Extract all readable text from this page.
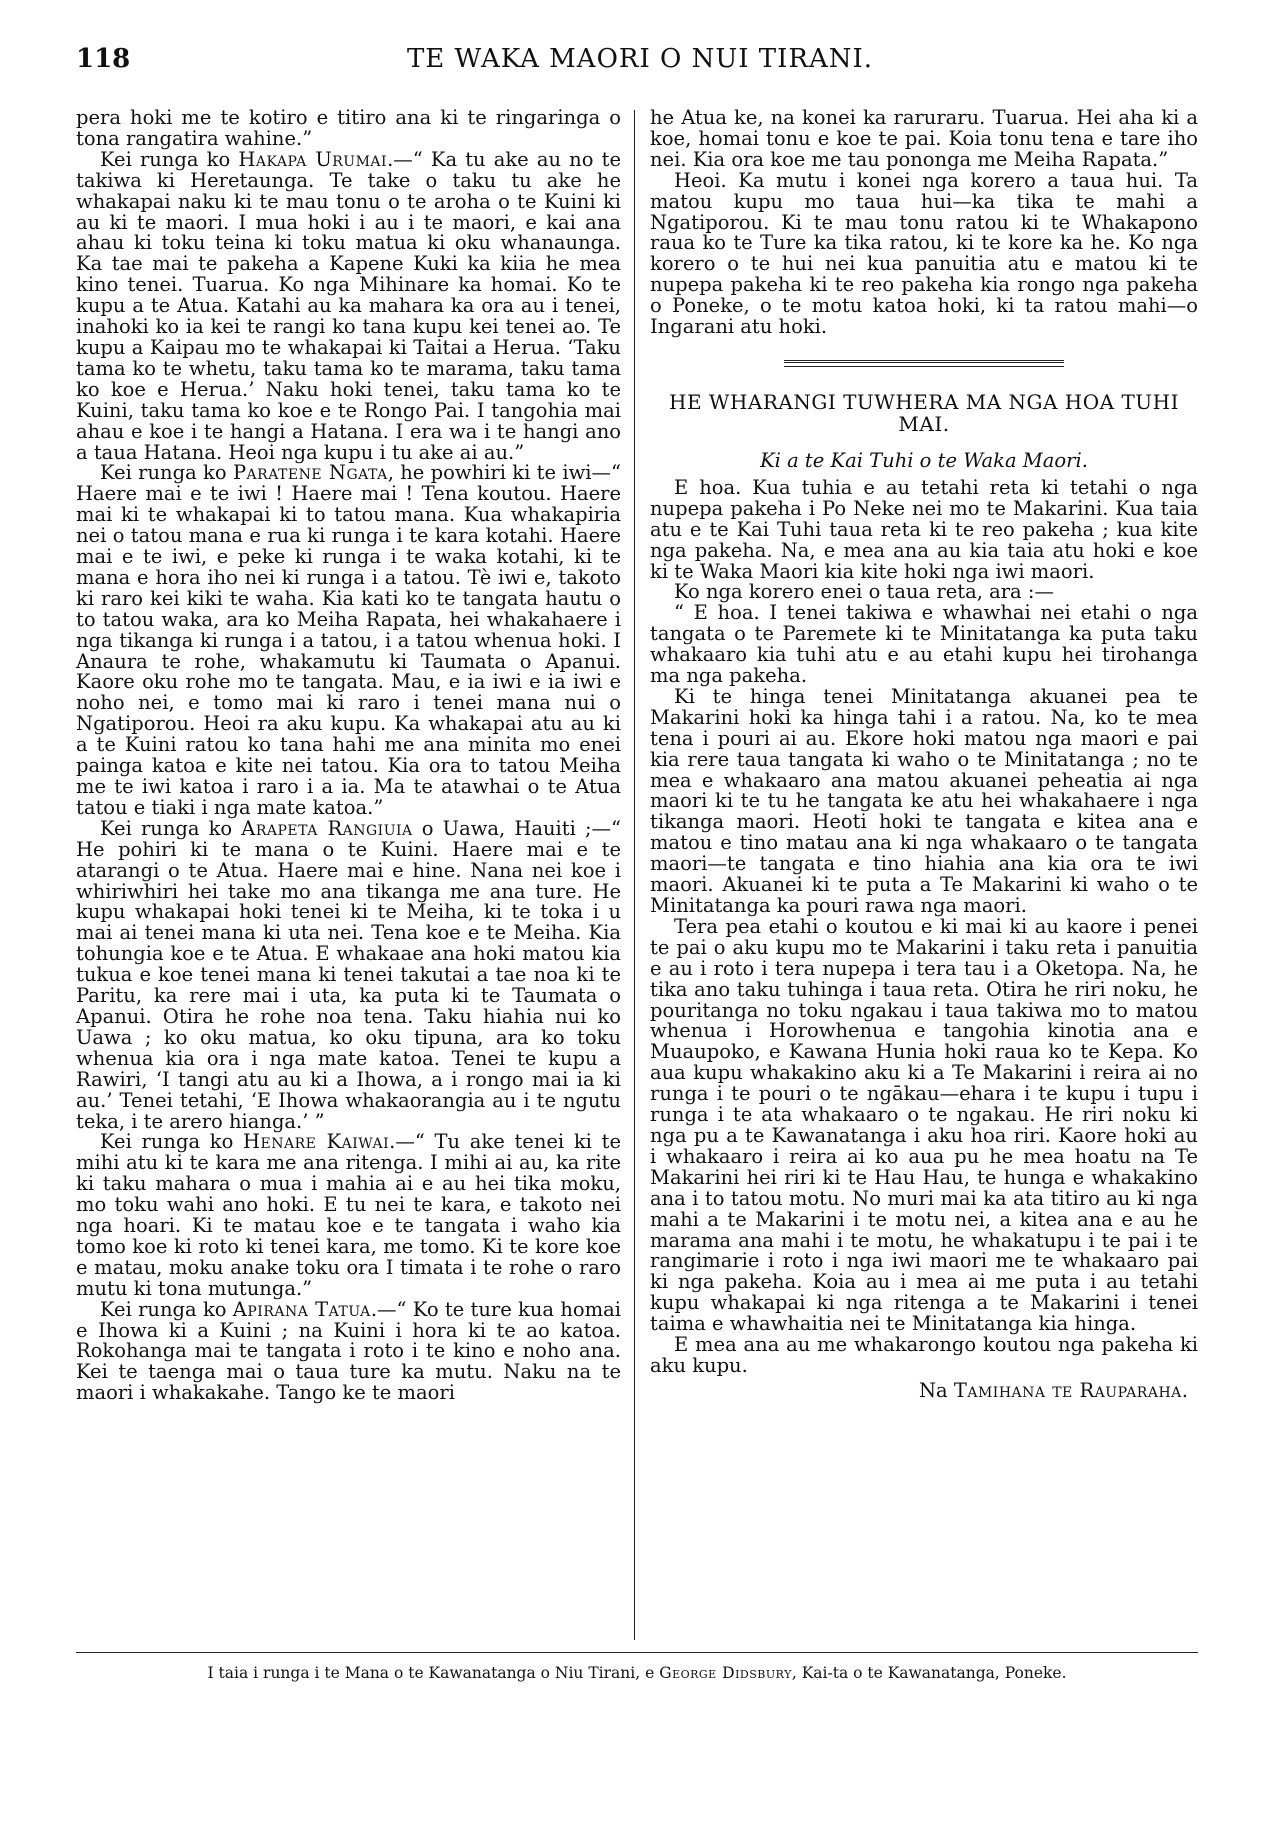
118	TE WAKA MAORI O NUI TIRANI.

pera hoki me te kotiro e titiro ana ki te ringaringa o tona rangatira wahine.”

Kei runga ko Hakapa Urumai.—“ Ka tu ake au no te takiwa ki Heretaunga. Te take o taku tu ake he whakapai naku ki te mau tonu o te aroha o te Kuini ki au ki te maori. I mua hoki i au i te maori, e kai ana ahau ki toku teina ki toku matua ki oku whanaunga. Ka tae mai te pakeha a Kapene Kuki ka kiia he mea kino tenei. Tuarua. Ko nga Mihinare ka homai. Ko te kupu a te Atua. Katahi au ka mahara ka ora au i tenei, inahoki ko ia kei te rangi ko tana kupu kei tenei ao. Te kupu a Kaipau mo te whakapai ki Taitai a Herua. ‘Taku tama ko te whetu, taku tama ko te marama, taku tama ko koe e Herua.’ Naku hoki tenei, taku tama ko te Kuini, taku tama ko koe e te Rongo Pai. I tangohia mai ahau e koe i te hangi a Hatana. I era wa i te hangi ano a taua Hatana. Heoi nga kupu i tu ake ai au.”

Kei runga ko Paratene Ngata, he powhiri ki te iwi—“ Haere mai e te iwi ! Haere mai ! Tena koutou. Haere mai ki te whakapai ki to tatou mana. Kua whakapiria nei o tatou mana e rua ki runga i te kara kotahi. Haere mai e te iwi, e peke ki runga i te waka kotahi, ki te mana e hora iho nei ki runga i a tatou. Tè iwi e, takoto ki raro kei kiki te waha. Kia kati ko te tangata hautu o to tatou waka, ara ko Meiha Rapata, hei whakahaere i nga tikanga ki runga i a tatou, i a tatou whenua hoki. I Anaura te rohe, whakamutu ki Taumata o Apanui. Kaore oku rohe mo te tangata. Mau, e ia iwi e ia iwi e noho nei, e tomo mai ki raro i tenei mana nui o Ngatiporou. Heoi ra aku kupu. Ka whakapai atu au ki a te Kuini ratou ko tana hahi me ana minita mo enei painga katoa e kite nei tatou. Kia ora to tatou Meiha me te iwi katoa i raro i a ia. Ma te atawhai o te Atua tatou e tiaki i nga mate katoa.”

Kei runga ko Arapeta Rangiuia o Uawa, Hauiti ;—“ He pohiri ki te mana o te Kuini. Haere mai e te atarangi o te Atua. Haere mai e hine. Nana nei koe i whiriwhiri hei take mo ana tikanga me ana ture. He kupu whakapai hoki tenei ki te Meiha, ki te toka i u mai ai tenei mana ki uta nei. Tena koe e te Meiha. Kia tohungia koe e te Atua. E whakaae ana hoki matou kia tukua e koe tenei mana ki tenei takutai a tae noa ki te Paritu, ka rere mai i uta, ka puta ki te Taumata o Apanui. Otira he rohe noa tena. Taku hiahia nui ko Uawa ; ko oku matua, ko oku tipuna, ara ko toku whenua kia ora i nga mate katoa. Tenei te kupu a Rawiri, ‘I tangi atu au ki a Ihowa, a i rongo mai ia ki au.’ Tenei tetahi, ‘E Ihowa whakaorangia au i te ngutu teka, i te arero hianga.’ ”

Kei runga ko Henare Kaiwai.—“ Tu ake tenei ki te mihi atu ki te kara me ana ritenga. I mihi ai au, ka rite ki taku mahara o mua i mahia ai e au hei tika moku, mo toku wahi ano hoki. E tu nei te kara, e takoto nei nga hoari. Ki te matau koe e te tangata i waho kia tomo koe ki roto ki tenei kara, me tomo. Ki te kore koe e matau, moku anake toku ora I timata i te rohe o raro mutu ki tona mutunga.”

Kei runga ko Apirana Tatua.—“ Ko te ture kua homai e Ihowa ki a Kuini ; na Kuini i hora ki te ao katoa. Rokohanga mai te tangata i roto i te kino e noho ana. Kei te taenga mai o taua ture ka mutu. Naku na te maori i whakakahe. Tango ke te maori

he Atua ke, na konei ka raruraru. Tuarua. Hei aha ki a koe, homai tonu e koe te pai. Koia tonu tena e tare iho nei. Kia ora koe me tau pononga me Meiha Rapata.”

Heoi. Ka mutu i konei nga korero a taua hui. Ta matou kupu mo taua hui—ka tika te mahi a Ngatiporou. Ki te mau tonu ratou ki te Whakapono raua ko te Ture ka tika ratou, ki te kore ka he. Ko nga korero o te hui nei kua panuitia atu e matou ki te nupepa pakeha ki te reo pakeha kia rongo nga pakeha o Poneke, o te motu katoa hoki, ki ta ratou mahi—o Ingarani atu hoki.

HE WHARANGI TUWHERA MA NGA HOA TUHI MAI.
Ki a te Kai Tuhi o te Waka Maori.

E hoa. Kua tuhia e au tetahi reta ki tetahi o nga nupepa pakeha i Po Neke nei mo te Makarini. Kua taia atu e te Kai Tuhi taua reta ki te reo pakeha ; kua kite nga pakeha. Na, e mea ana au kia taia atu hoki e koe ki te Waka Maori kia kite hoki nga iwi maori.

Ko nga korero enei o taua reta, ara :—

“ E hoa. I tenei takiwa e whawhai nei etahi o nga tangata o te Paremete ki te Minitatanga ka puta taku whakaaro kia tuhi atu e au etahi kupu hei tirohanga ma nga pakeha.

Ki te hinga tenei Minitatanga akuanei pea te Makarini hoki ka hinga tahi i a ratou. Na, ko te mea tena i pouri ai au. Ekore hoki matou nga maori e pai kia rere taua tangata ki waho o te Minitatanga ; no te mea e whakaaro ana matou akuanei peheatia ai nga maori ki te tu he tangata ke atu hei whakahaere i nga tikanga maori. Heoti hoki te tangata e kitea ana e matou e tino matau ana ki nga whakaaro o te tangata maori—te tangata e tino hiahia ana kia ora te iwi maori. Akuanei ki te puta a Te Makarini ki waho o te Minitatanga ka pouri rawa nga maori.

Tera pea etahi o koutou e ki mai ki au kaore i penei te pai o aku kupu mo te Makarini i taku reta i panuitia e au i roto i tera nupepa i tera tau i a Oketopa. Na, he tika ano taku tuhinga i taua reta. Otira he riri noku, he pouritanga no toku ngakau i taua takiwa mo to matou whenua i Horowhenua e tangohia kinotia ana e Muaupoko, e Kawana Hunia hoki raua ko te Kepa. Ko aua kupu whakakino aku ki a Te Makarini i reira ai no runga i te pouri o te ngākau—ehara i te kupu i tupu i runga i te ata whakaaro o te ngakau. He riri noku ki nga pu a te Kawanatanga i aku hoa riri. Kaore hoki au i whakaaro i reira ai ko aua pu he mea hoatu na Te Makarini hei riri ki te Hau Hau, te hunga e whakakino ana i to tatou motu. No muri mai ka ata titiro au ki nga mahi a te Makarini i te motu nei, a kitea ana e au he marama ana mahi i te motu, he whakatupu i te pai i te rangimarie i roto i nga iwi maori me te whakaaro pai ki nga pakeha. Koia au i mea ai me puta i au tetahi kupu whakapai ki nga ritenga a te Makarini i tenei taima e whawhaitia nei te Minitatanga kia hinga.

E mea ana au me whakarongo koutou nga pakeha ki aku kupu.

Na Tamihana te Rauparaha.
I taia i runga i te Mana o te Kawanatanga o Niu Tirani, e George Didsbury, Kai-ta o te Kawanatanga, Poneke.
